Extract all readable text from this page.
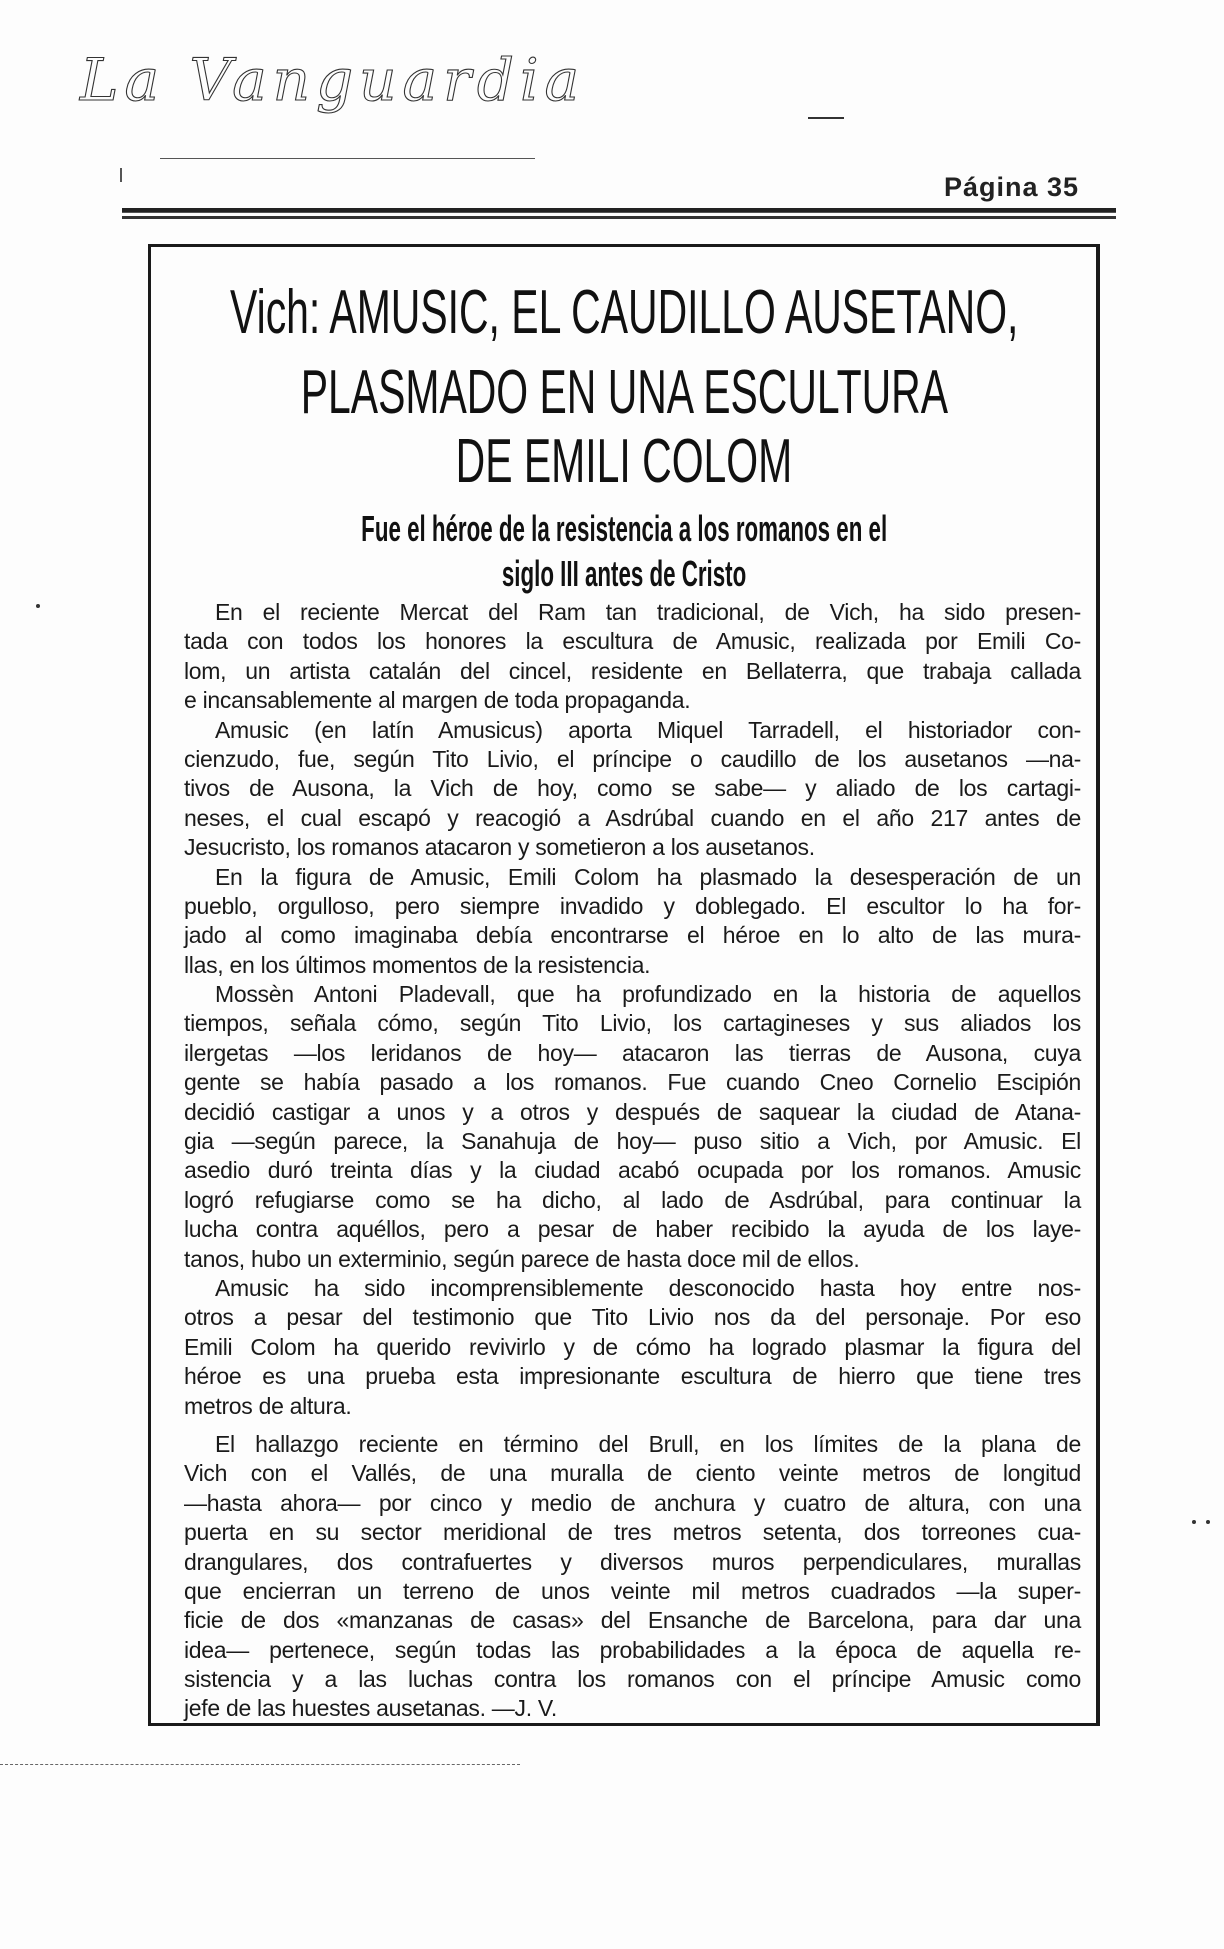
La Vanguardia
Página 35
Vich: AMUSIC, EL CAUDILLO AUSETANO,
PLASMADO EN UNA ESCULTURA
DE EMILI COLOM
Fue el héroe de la resistencia a los romanos en el
siglo III antes de Cristo
En el reciente Mercat del Ram tan tradicional, de Vich, ha sido presen-
tada con todos los honores la escultura de Amusic, realizada por Emili Co-
lom, un artista catalán del cincel, residente en Bellaterra, que trabaja callada
e incansablemente al margen de toda propaganda.
Amusic (en latín Amusicus) aporta Miquel Tarradell, el historiador con-
cienzudo, fue, según Tito Livio, el príncipe o caudillo de los ausetanos —na-
tivos de Ausona, la Vich de hoy, como se sabe— y aliado de los cartagi-
neses, el cual escapó y reacogió a Asdrúbal cuando en el año 217 antes de
Jesucristo, los romanos atacaron y sometieron a los ausetanos.
En la figura de Amusic, Emili Colom ha plasmado la desesperación de un
pueblo, orgulloso, pero siempre invadido y doblegado. El escultor lo ha for-
jado al como imaginaba debía encontrarse el héroe en lo alto de las mura-
llas, en los últimos momentos de la resistencia.
Mossèn Antoni Pladevall, que ha profundizado en la historia de aquellos
tiempos, señala cómo, según Tito Livio, los cartagineses y sus aliados los
ilergetas —los leridanos de hoy— atacaron las tierras de Ausona, cuya
gente se había pasado a los romanos. Fue cuando Cneo Cornelio Escipión
decidió castigar a unos y a otros y después de saquear la ciudad de Atana-
gia —según parece, la Sanahuja de hoy— puso sitio a Vich, por Amusic. El
asedio duró treinta días y la ciudad acabó ocupada por los romanos. Amusic
logró refugiarse como se ha dicho, al lado de Asdrúbal, para continuar la
lucha contra aquéllos, pero a pesar de haber recibido la ayuda de los laye-
tanos, hubo un exterminio, según parece de hasta doce mil de ellos.
Amusic ha sido incomprensiblemente desconocido hasta hoy entre nos-
otros a pesar del testimonio que Tito Livio nos da del personaje. Por eso
Emili Colom ha querido revivirlo y de cómo ha logrado plasmar la figura del
héroe es una prueba esta impresionante escultura de hierro que tiene tres
metros de altura.
El hallazgo reciente en término del Brull, en los límites de la plana de
Vich con el Vallés, de una muralla de ciento veinte metros de longitud
—hasta ahora— por cinco y medio de anchura y cuatro de altura, con una
puerta en su sector meridional de tres metros setenta, dos torreones cua-
drangulares, dos contrafuertes y diversos muros perpendiculares, murallas
que encierran un terreno de unos veinte mil metros cuadrados —la super-
ficie de dos «manzanas de casas» del Ensanche de Barcelona, para dar una
idea— pertenece, según todas las probabilidades a la época de aquella re-
sistencia y a las luchas contra los romanos con el príncipe Amusic como
jefe de las huestes ausetanas. —J. V.
